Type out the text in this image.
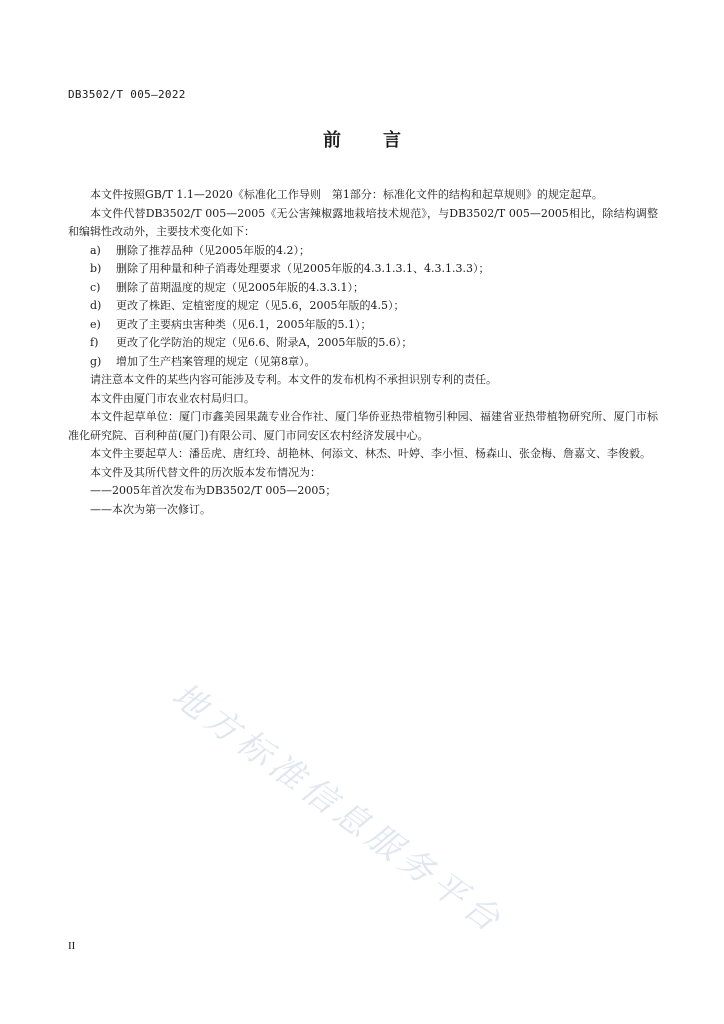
DB3502/T 005—2022
前言

本文件按照GB/T 1.1—2020《标准化工作导则　第1部分：标准化文件的结构和起草规则》的规定起草。

本文件代替DB3502/T 005—2005《无公害辣椒露地栽培技术规范》，与DB3502/T 005—2005相比，除结构调整和编辑性改动外，主要技术变化如下：

a)	删除了推荐品种（见2005年版的4.2）；
b)	删除了用种量和种子消毒处理要求（见2005年版的4.3.1.3.1、4.3.1.3.3）；
c)	删除了苗期温度的规定（见2005年版的4.3.3.1）；
d)	更改了株距、定植密度的规定（见5.6，2005年版的4.5）；
e)	更改了主要病虫害种类（见6.1，2005年版的5.1）；
f)	更改了化学防治的规定（见6.6、附录A，2005年版的5.6）；
g)	增加了生产档案管理的规定（见第8章）。

请注意本文件的某些内容可能涉及专利。本文件的发布机构不承担识别专利的责任。

本文件由厦门市农业农村局归口。

本文件起草单位：厦门市鑫美园果蔬专业合作社、厦门华侨亚热带植物引种园、福建省亚热带植物研究所、厦门市标准化研究院、百利种苗(厦门)有限公司、厦门市同安区农村经济发展中心。

本文件主要起草人：潘岳虎、唐红玲、胡艳林、何添文、林杰、叶婷、李小恒、杨森山、张金梅、詹嘉文、李俊毅。

本文件及其所代替文件的历次版本发布情况为：

——2005年首次发布为DB3502/T 005—2005；

——本次为第一次修订。

地方标准信息服务平台
II
